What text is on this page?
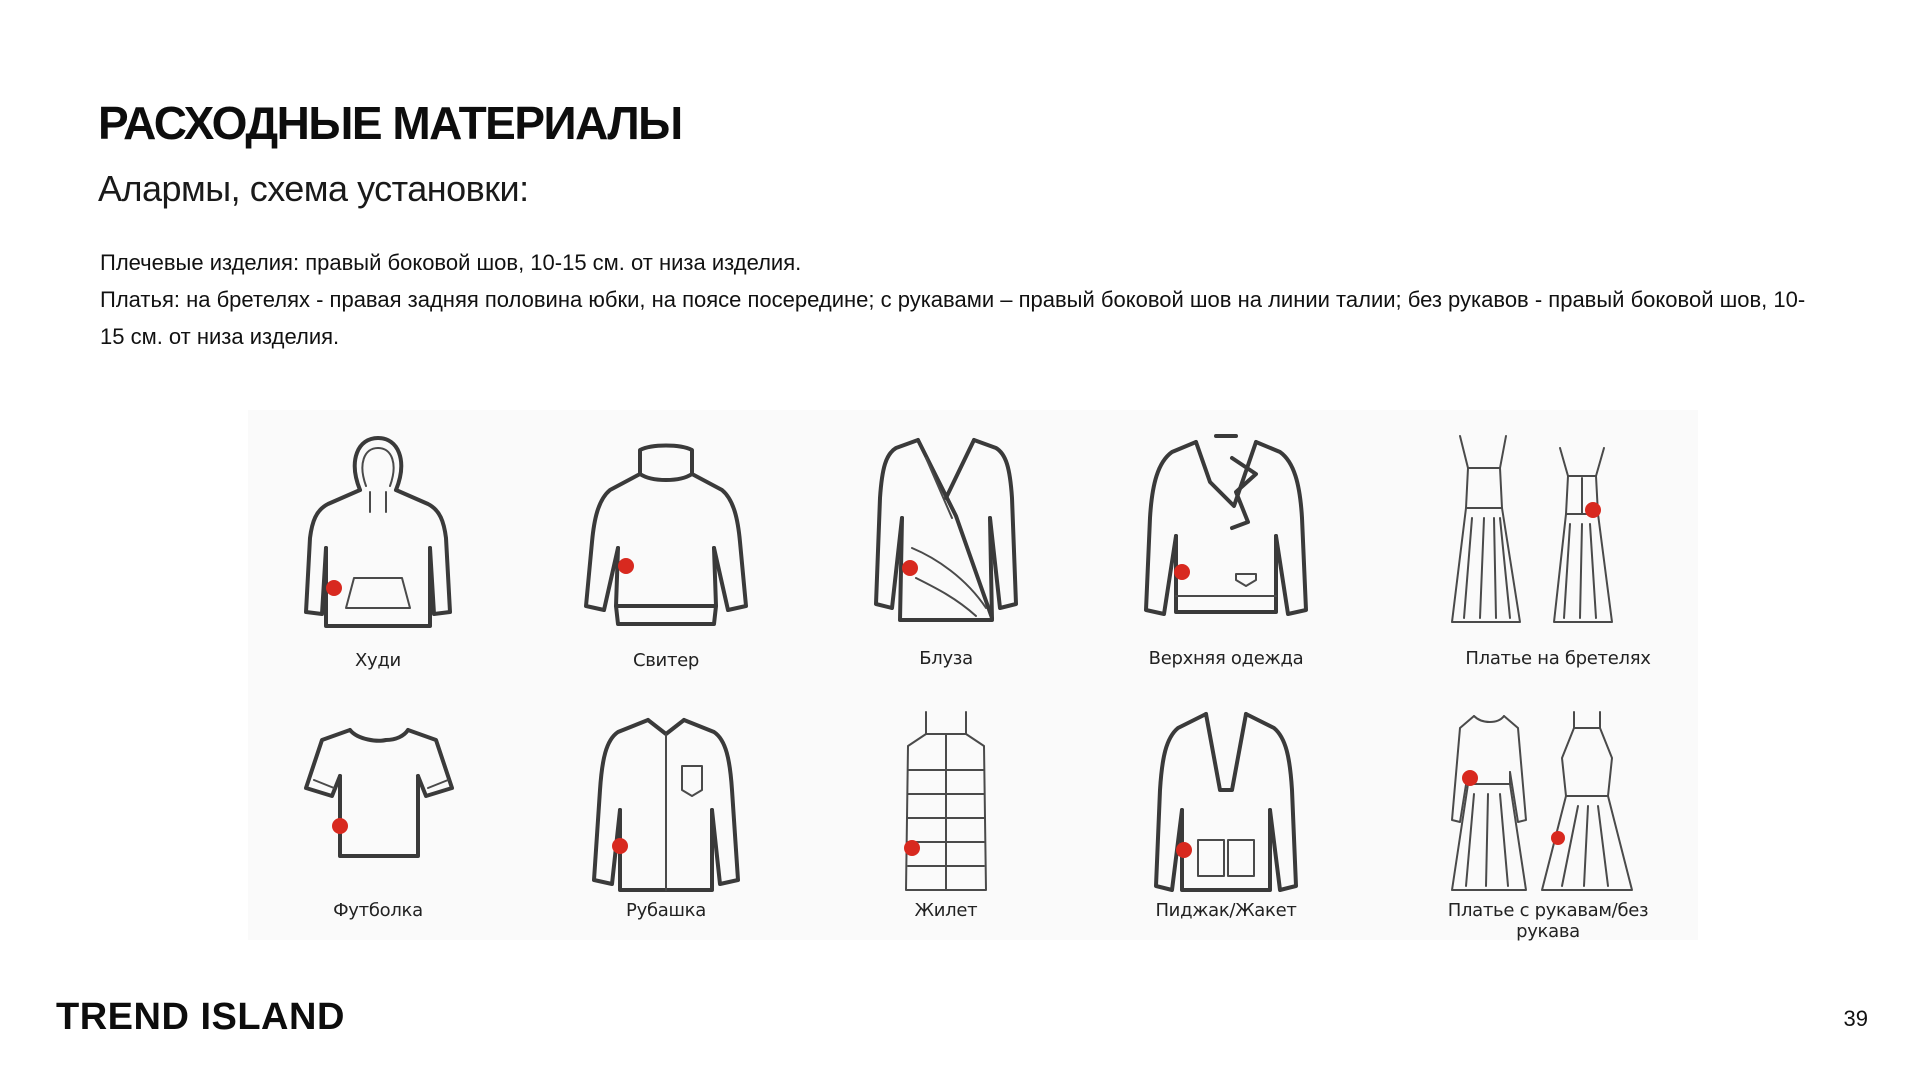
РАСХОДНЫЕ МАТЕРИАЛЫ
Алармы, схема установки:

Плечевые изделия: правый боковой шов, 10-15 см. от низа изделия.

Платья: на бретелях - правая задняя половина юбки, на поясе посередине; с рукавами – правый боковой шов на линии талии; без рукавов - правый боковой шов, 10-15 см. от низа изделия.

Худи	Свитер	Блуза	Верхняя одежда	Платье на бретелях
Футболка	Рубашка	Жилет	Пиджак/Жакет	Платье с рукавам/без рукава
TREND ISLAND	39
